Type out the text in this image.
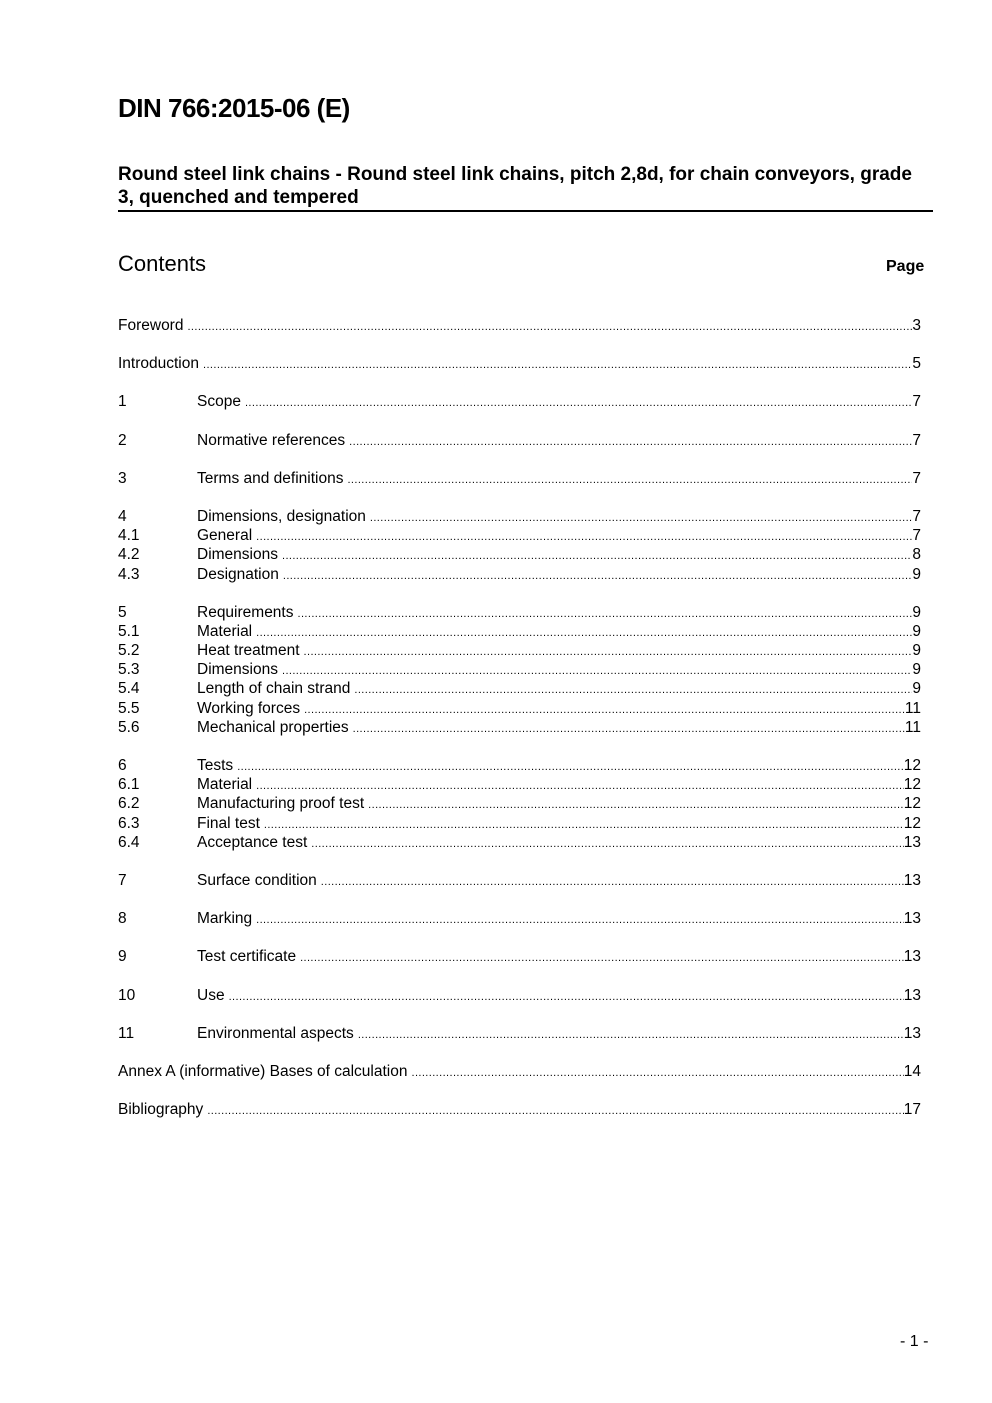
DIN 766:2015-06 (E)
Round steel link chains - Round steel link chains, pitch 2,8d, for chain conveyors, grade 3, quenched and tempered
Contents	Page
Foreword .....	3
Introduction .....	5
1	Scope .....	7
2	Normative references .....	7
3	Terms and definitions .....	7
4	Dimensions, designation .....	7
4.1	General .....	7
4.2	Dimensions .....	8
4.3	Designation .....	9
5	Requirements .....	9
5.1	Material .....	9
5.2	Heat treatment .....	9
5.3	Dimensions .....	9
5.4	Length of chain strand .....	9
5.5	Working forces .....	11
5.6	Mechanical properties .....	11
6	Tests .....	12
6.1	Material .....	12
6.2	Manufacturing proof test .....	12
6.3	Final test .....	12
6.4	Acceptance test .....	13
7	Surface condition .....	13
8	Marking .....	13
9	Test certificate .....	13
10	Use .....	13
11	Environmental aspects .....	13
Annex A (informative) Bases of calculation .....	14
Bibliography .....	17
- 1 -
